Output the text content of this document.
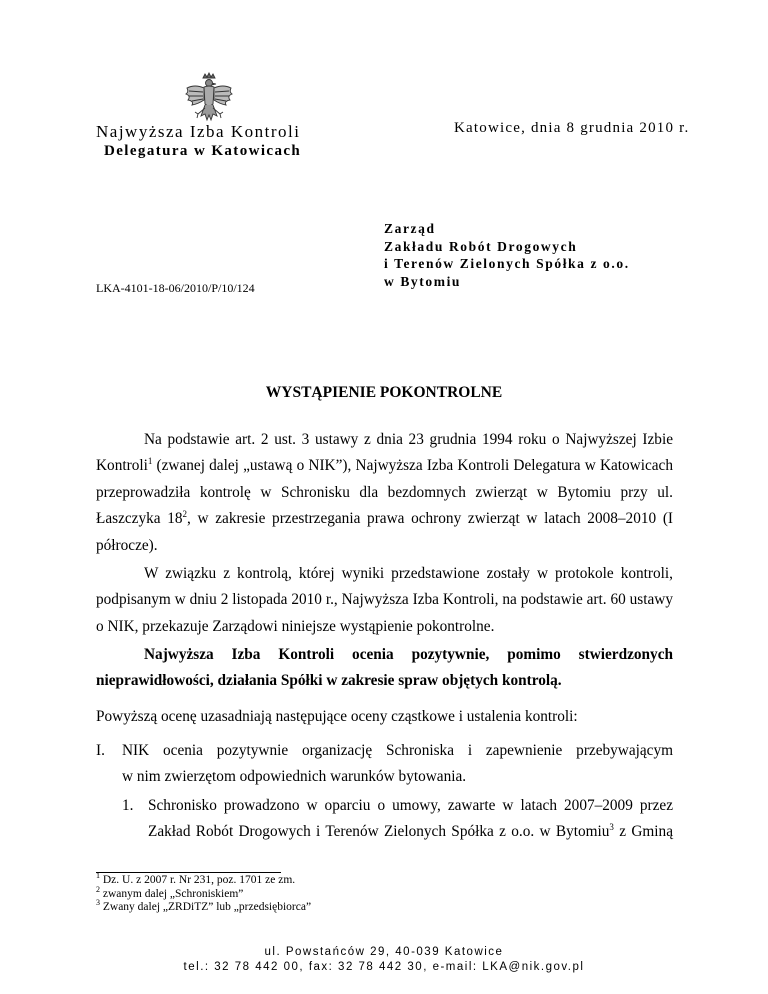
Najwyższa Izba Kontroli
Delegatura w Katowicach
Katowice, dnia 8 grudnia 2010 r.
Zarząd
Zakładu Robót Drogowych
i Terenów Zielonych Spółka z o.o.
w Bytomiu
LKA-4101-18-06/2010/P/10/124
WYSTĄPIENIE POKONTROLNE
Na podstawie art. 2 ust. 3 ustawy z dnia 23 grudnia 1994 roku o Najwyższej Izbie Kontroli$^1$ (zwanej dalej „ustawą o NIK”), Najwyższa Izba Kontroli Delegatura w Katowicach przeprowadziła kontrolę w Schronisku dla bezdomnych zwierząt w Bytomiu przy ul. Łaszczyka $18^2$, w zakresie przestrzegania prawa ochrony zwierząt w latach 2008–2010 (I półrocze).
W związku z kontrolą, której wyniki przedstawione zostały w protokole kontroli, podpisanym w dniu 2 listopada 2010 r., Najwyższa Izba Kontroli, na podstawie art. 60 ustawy o NIK, przekazuje Zarządowi niniejsze wystąpienie pokontrolne.
Najwyższa Izba Kontroli ocenia pozytywnie, pomimo stwierdzonych
nieprawidłowości, działania Spółki w zakresie spraw objętych kontrolą.
Powyższą ocenę uzasadniają następujące oceny cząstkowe i ustalenia kontroli:
I. NIK ocenia pozytywnie organizację Schroniska i zapewnienie przebywającym
w nim zwierzętom odpowiednich warunków bytowania.
1. Schronisko prowadzono w oparciu o umowy, zawarte w latach 2007–2009 przez
Zakład Robót Drogowych i Terenów Zielonych Spółka z o.o. w Bytomiu$^3$ z Gminą
$^1$ Dz. U. z 2007 r. Nr 231, poz. 1701 ze zm.
$^2$ zwanym dalej „Schroniskiem”
$^3$ Zwany dalej „ZRDiTZ” lub „przedsiębiorca”
ul. Powstańców 29, 40-039 Katowice
tel.: 32 78 442 00, fax: 32 78 442 30, e-mail: LKA@nik.gov.pl
